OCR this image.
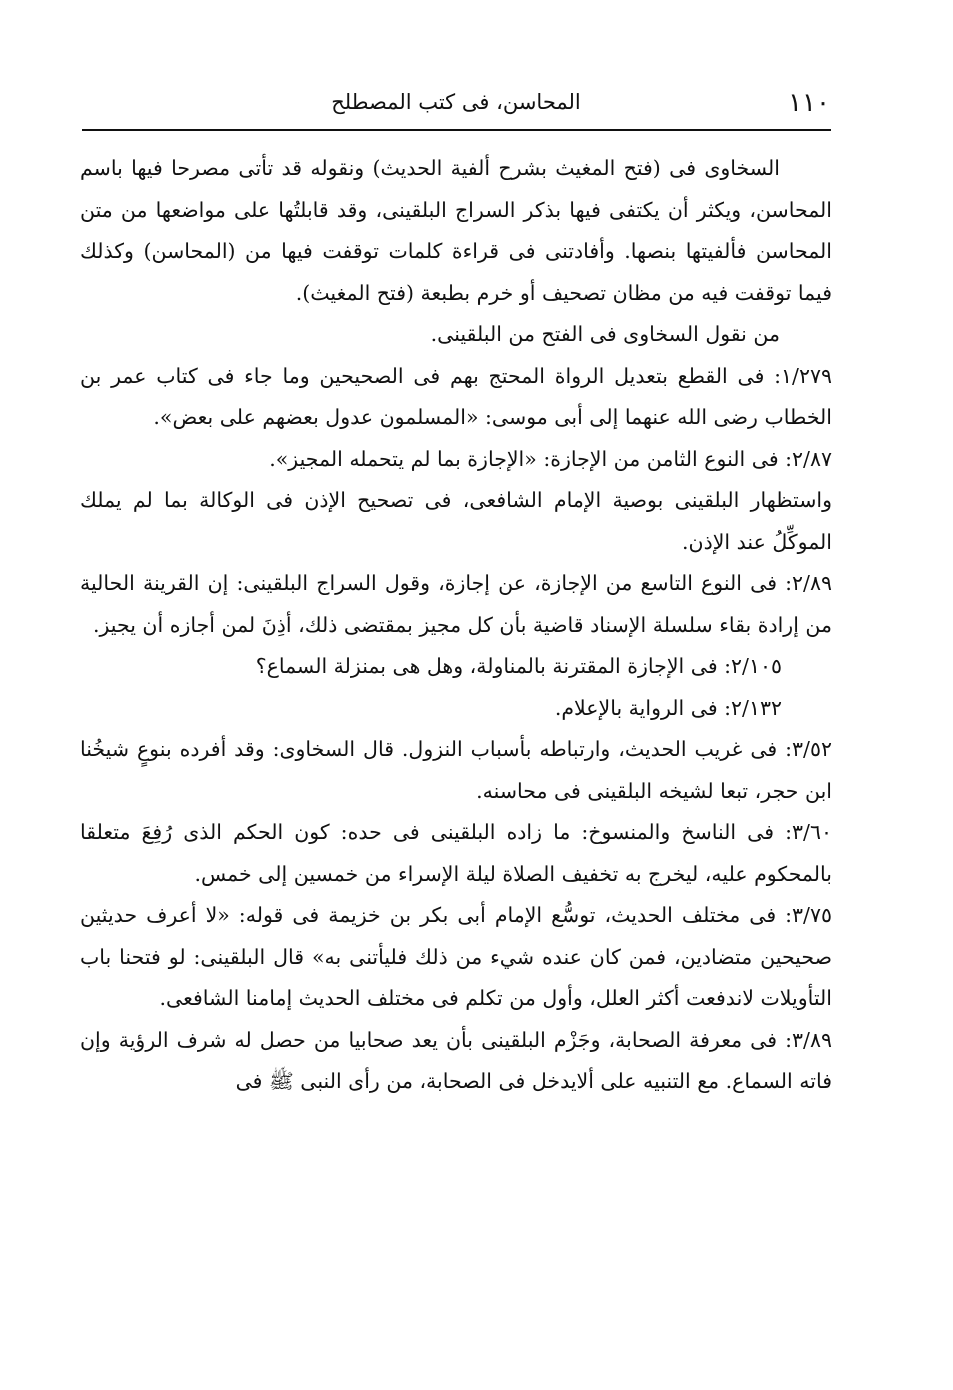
١١٠
المحاسن، فى كتب المصطلح

السخاوى فى (فتح المغيث بشرح ألفية الحديث) ونقوله قد تأتى مصرحا فيها باسم المحاسن، ويكثر أن يكتفى فيها بذكر السراج البلقينى، وقد قابلتُها على مواضعها من متن المحاسن فألفيتها بنصها. وأفادتنى فى قراءة كلمات توقفت فيها من (المحاسن) وكذلك فيما توقفت فيه من مظان تصحيف أو خرم بطبعة (فتح المغيث).

من نقول السخاوى فى الفتح من البلقينى.

١/٢٧٩: فى القطع بتعديل الرواة المحتج بهم فى الصحيحين وما جاء فى كتاب عمر بن الخطاب رضى الله عنهما إلى أبى موسى: «المسلمون عدول بعضهم على بعض».

٢/٨٧: فى النوع الثامن من الإجازة: «الإجازة بما لم يتحمله المجيز».

واستظهار البلقينى بوصية الإمام الشافعى، فى تصحيح الإذن فى الوكالة بما لم يملك الموكِّلُ عند الإذن.

٢/٨٩: فى النوع التاسع من الإجازة، عن إجازة، وقول السراج البلقينى: إن القرينة الحالية من إرادة بقاء سلسلة الإسناد قاضية بأن كل مجيز بمقتضى ذلك، أذِنَ لمن أجازه أن يجيز.

٢/١٠٥: فى الإجازة المقترنة بالمناولة، وهل هى بمنزلة السماع؟

٢/١٣٢: فى الرواية بالإعلام.

٣/٥٢: فى غريب الحديث، وارتباطه بأسباب النزول. قال السخاوى: وقد أفرده بنوعٍ شيخُنا ابن حجر، تبعا لشيخه البلقينى فى محاسنه.

٣/٦٠: فى الناسخ والمنسوخ: ما زاده البلقينى فى حده: كون الحكم الذى رُفِعَ متعلقا بالمحكوم عليه، ليخرج به تخفيف الصلاة ليلة الإسراء من خمسين إلى خمس.

٣/٧٥: فى مختلف الحديث، توسُّع الإمام أبى بكر بن خزيمة فى قوله: «لا أعرف حديثين صحيحين متضادين، فمن كان عنده شيء من ذلك فليأتنى به» قال البلقينى: لو فتحنا باب التأويلات لاندفعت أكثر العلل، وأول من تكلم فى مختلف الحديث إمامنا الشافعى.

٣/٨٩: فى معرفة الصحابة، وجَزْم البلقينى بأن يعد صحابيا من حصل له شرف الرؤية وإن فاته السماع. مع التنبيه على ألايدخل فى الصحابة، من رأى النبى ﷺ فى
